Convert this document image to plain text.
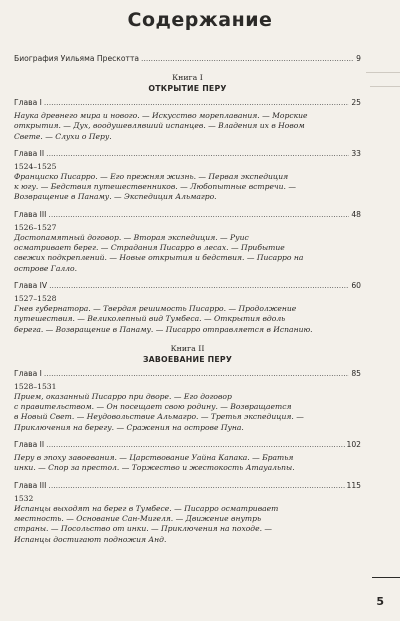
Содержание
Биография Уильяма Прескотта .....	9
Книга I
ОТКРЫТИЕ ПЕРУ
Глава I .....	25
Наука древнего мира и нового. — Искусство мореплавания. — Морские
открытия. — Дух, воодушевлявший испанцев. — Владения их в Новом
Свете. — Слухи о Перу.
Глава II .....	33
1524–1525
Франциско Писарро. — Его прежняя жизнь. — Первая экспедиция
к югу. — Бедствия путешественников. — Любопытные встречи. —
Возвращение в Панаму. — Экспедиция Альмагро.
Глава III .....	48
1526–1527
Достопамятный договор. — Вторая экспедиция. — Руис
осматривает берег. — Страдания Писарро в лесах. — Прибытие
свежих подкреплений. — Новые открытия и бедствия. — Писарро на
острове Галло.
Глава IV .....	60
1527–1528
Гнев губернатора. — Твердая решимость Писарро. — Продолжение
путешествия. — Великолепный вид Тумбеса. — Открытия вдоль
берега. — Возвращение в Панаму. — Писарро отправляется в Испанию.
Книга II
ЗАВОЕВАНИЕ ПЕРУ
Глава I .....	85
1528–1531
Прием, оказанный Писарро при дворе. — Его договор
с правительством. — Он посещает свою родину. — Возвращается
в Новый Свет. — Неудовольствие Альмагро. — Третья экспедиция. —
Приключения на берегу. — Сражения на острове Пуна.
Глава II .....	102
Перу в эпоху завоевания. — Царствование Уайна Капака. — Братья
инки. — Спор за престол. — Торжество и жестокость Атауальпы.
Глава III .....	115
1532
Испанцы выходят на берег в Тумбесе. — Писарро осматривает
местность. — Основание Сан-Мигеля. — Движение внутрь
страны. — Посольство от инки. — Приключения на походе. —
Испанцы достигают подножия Анд.
5
